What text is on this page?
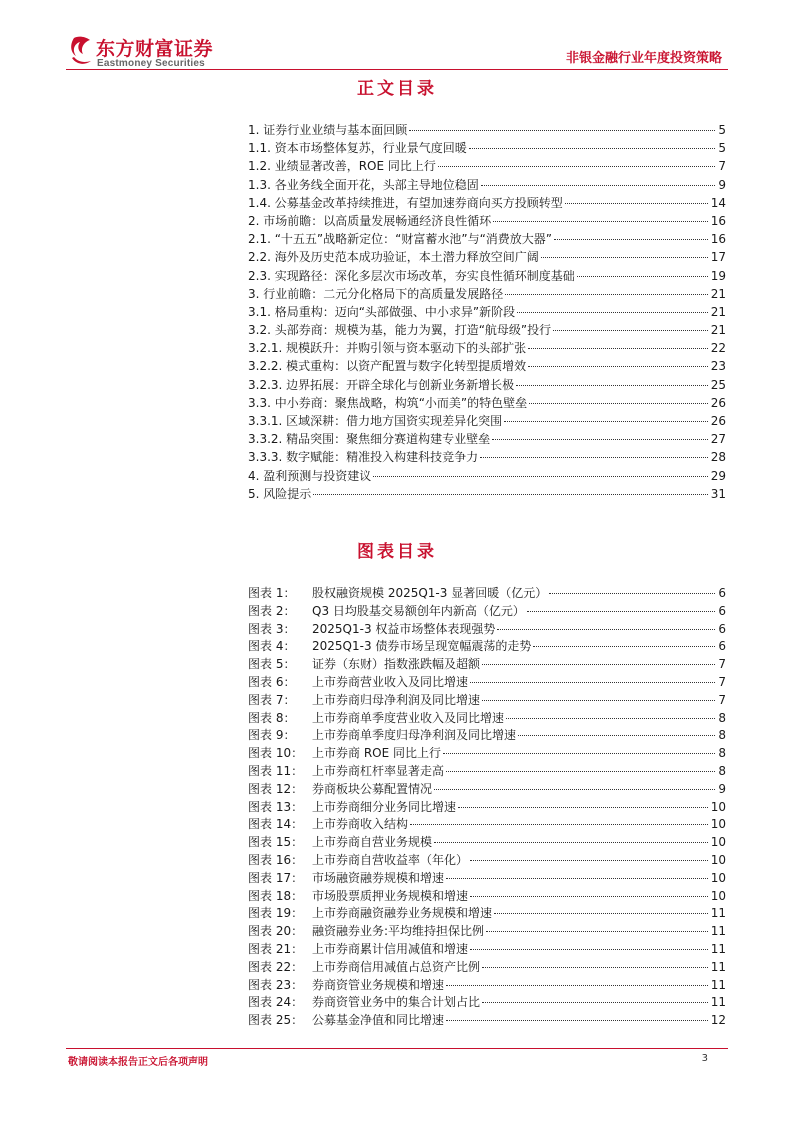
东方财富证券
Eastmoney Securities	非银金融行业年度投资策略
正文目录
1. 证券行业业绩与基本面回顾	5
1.1. 资本市场整体复苏，行业景气度回暖	5
1.2. 业绩显著改善，ROE 同比上行	7
1.3. 各业务线全面开花，头部主导地位稳固	9
1.4. 公募基金改革持续推进，有望加速券商向买方投顾转型	14
2. 市场前瞻：以高质量发展畅通经济良性循环	16
2.1. “十五五”战略新定位：“财富蓄水池”与“消费放大器”	16
2.2. 海外及历史范本成功验证，本土潜力释放空间广阔	17
2.3. 实现路径：深化多层次市场改革，夯实良性循环制度基础	19
3. 行业前瞻：二元分化格局下的高质量发展路径	21
3.1. 格局重构：迈向“头部做强、中小求异”新阶段	21
3.2. 头部券商：规模为基，能力为翼，打造“航母级”投行	21
3.2.1. 规模跃升：并购引领与资本驱动下的头部扩张	22
3.2.2. 模式重构：以资产配置与数字化转型提质增效	23
3.2.3. 边界拓展：开辟全球化与创新业务新增长极	25
3.3. 中小券商：聚焦战略，构筑“小而美”的特色壁垒	26
3.3.1. 区域深耕：借力地方国资实现差异化突围	26
3.3.2. 精品突围：聚焦细分赛道构建专业壁垒	27
3.3.3. 数字赋能：精准投入构建科技竞争力	28
4. 盈利预测与投资建议	29
5. 风险提示	31
图表目录
图表 1：	股权融资规模 2025Q1-3 显著回暖（亿元）	6
图表 2：	Q3 日均股基交易额创年内新高（亿元）	6
图表 3：	2025Q1-3 权益市场整体表现强势	6
图表 4：	2025Q1-3 债券市场呈现宽幅震荡的走势	6
图表 5：	证券（东财）指数涨跌幅及超额	7
图表 6：	上市券商营业收入及同比增速	7
图表 7：	上市券商归母净利润及同比增速	7
图表 8：	上市券商单季度营业收入及同比增速	8
图表 9：	上市券商单季度归母净利润及同比增速	8
图表 10： 上市券商 ROE 同比上行	8
图表 11： 上市券商杠杆率显著走高	8
图表 12： 券商板块公募配置情况	9
图表 13： 上市券商细分业务同比增速	10
图表 14： 上市券商收入结构	10
图表 15： 上市券商自营业务规模	10
图表 16： 上市券商自营收益率（年化）	10
图表 17： 市场融资融券规模和增速	10
图表 18： 市场股票质押业务规模和增速	10
图表 19： 上市券商融资融券业务规模和增速	11
图表 20： 融资融券业务:平均维持担保比例	11
图表 21： 上市券商累计信用减值和增速	11
图表 22： 上市券商信用减值占总资产比例	11
图表 23： 券商资管业务规模和增速	11
图表 24： 券商资管业务中的集合计划占比	11
图表 25： 公募基金净值和同比增速	12
敬请阅读本报告正文后各项声明	3
